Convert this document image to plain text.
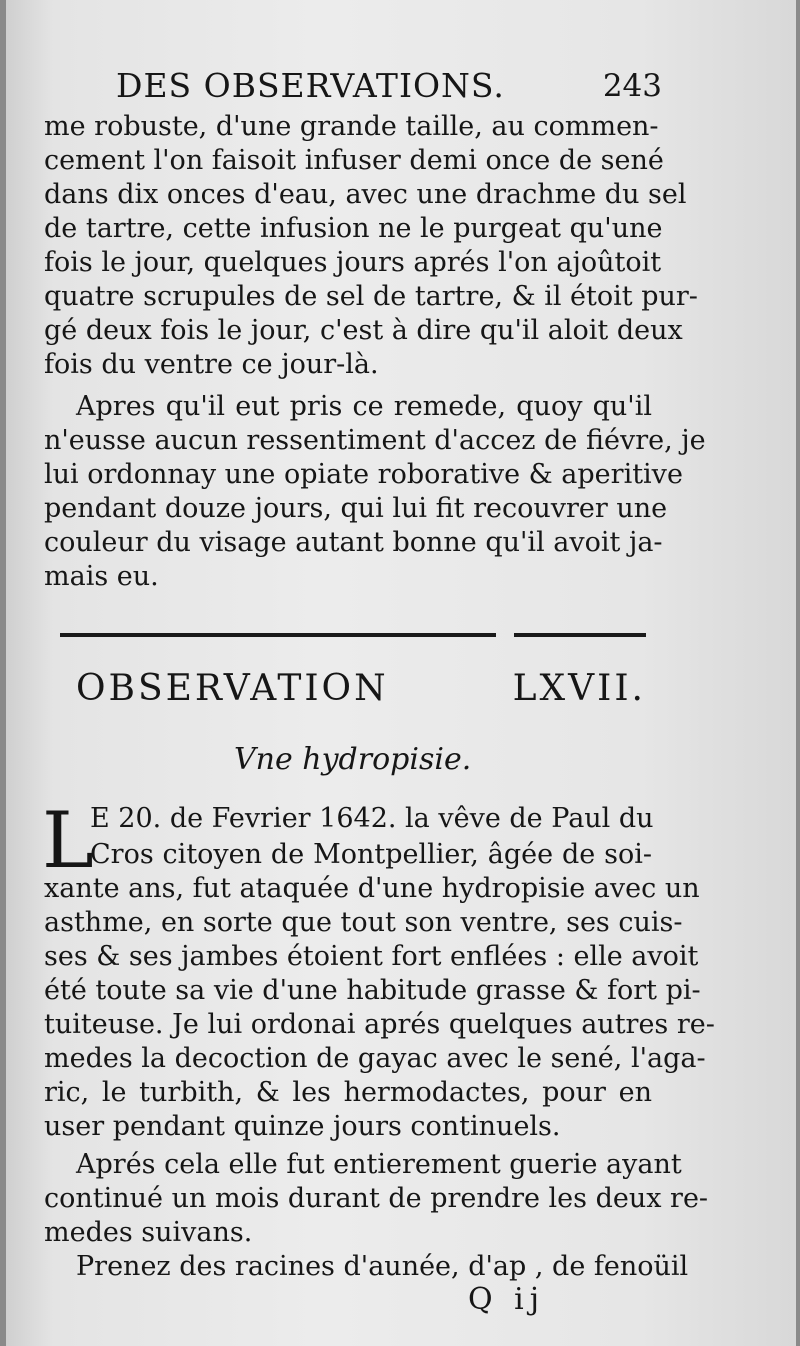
DES OBSERVATIONS.	243
me robuste, d'une grande taille, au commen-
cement l'on faisoit infuser demi once de sené
dans dix onces d'eau, avec une drachme du sel
de tartre, cette infusion ne le purgeat qu'une
fois le jour, quelques jours aprés l'on ajoûtoit
quatre scrupules de sel de tartre, & il étoit pur-
gé deux fois le jour, c'est à dire qu'il aloit deux
fois du ventre ce jour-là.
Apres qu'il eut pris ce remede, quoy qu'il
n'eusse aucun ressentiment d'accez de fiévre, je
lui ordonnay une opiate roborative & aperitive
pendant douze jours, qui lui fit recouvrer une
couleur du visage autant bonne qu'il avoit ja-
mais eu.
OBSERVATION LXVII.
Vne hydropisie.
L
E 20. de Fevrier 1642. la vêve de Paul du
Cros citoyen de Montpellier, âgée de soi-
xante ans, fut ataquée d'une hydropisie avec un
asthme, en sorte que tout son ventre, ses cuis-
ses & ses jambes étoient fort enflées : elle avoit
été toute sa vie d'une habitude grasse & fort pi-
tuiteuse. Je lui ordonai aprés quelques autres re-
medes la decoction de gayac avec le sené, l'aga-
ric, le turbith, & les hermodactes, pour en
user pendant quinze jours continuels.
Aprés cela elle fut entierement guerie ayant
continué un mois durant de prendre les deux re-
medes suivans.
Prenez des racines d'aunée, d'ap , de fenoüil
Q ij
